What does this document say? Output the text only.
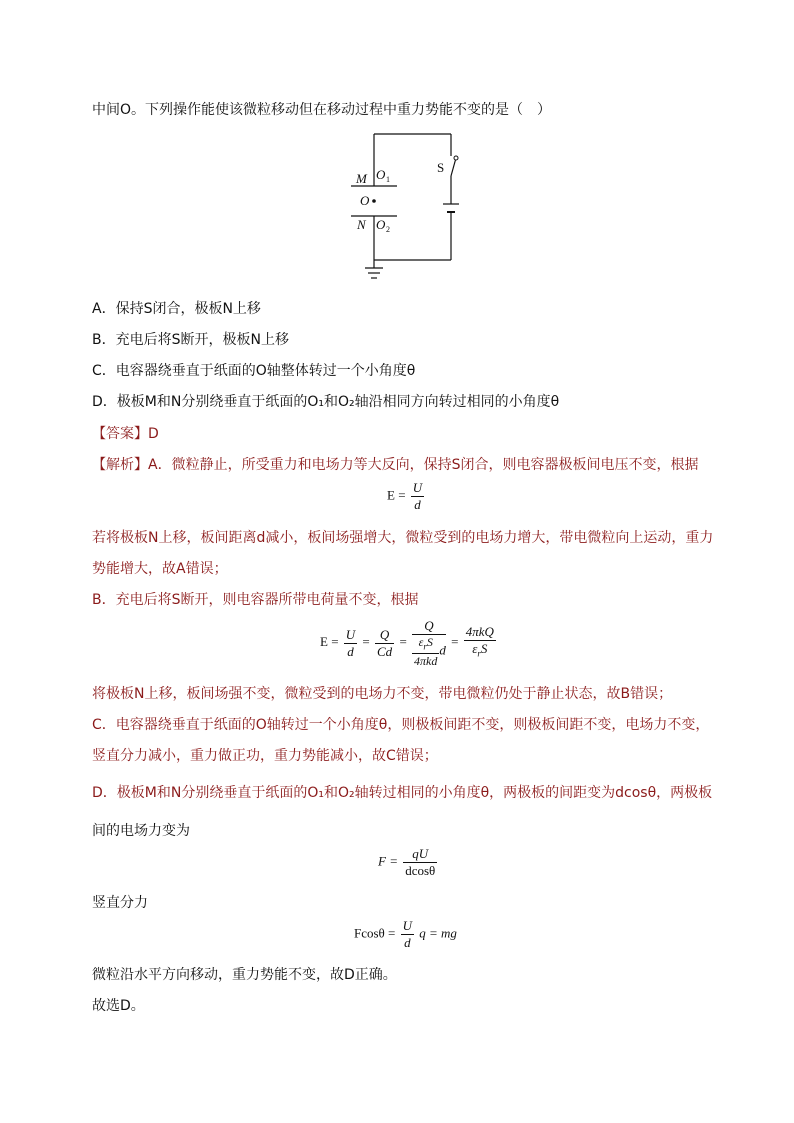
中间O。下列操作能使该微粒移动但在移动过程中重力势能不变的是（　）
M O 1
O
N O 2
S
A．保持S闭合，极板N上移
B．充电后将S断开，极板N上移
C．电容器绕垂直于纸面的O轴整体转过一个小角度θ
D．极板M和N分别绕垂直于纸面的O₁和O₂轴沿相同方向转过相同的小角度θ
【答案】D
【解析】A．微粒静止，所受重力和电场力等大反向，保持S闭合，则电容器极板间电压不变，根据
$E = \frac{U}{d}$
若将极板N上移，板间距离d减小，板间场强增大，微粒受到的电场力增大，带电微粒向上运动，重力
势能增大，故A错误；
B．充电后将S断开，则电容器所带电荷量不变，根据
$E = \frac{U}{d} = \frac{Q}{Cd} = \frac{Q}{\frac{\varepsilon_rS}{\text{4πkd}} d} = \frac{\text{4πkQ}}{\varepsilon_rS}$
将极板N上移，板间场强不变，微粒受到的电场力不变，带电微粒仍处于静止状态，故B错误；
C．电容器绕垂直于纸面的O轴转过一个小角度θ，则极板间距不变，则极板间距不变，电场力不变，
竖直分力减小，重力做正功，重力势能减小，故C错误；
D．极板M和N分别绕垂直于纸面的O₁和O₂轴转过相同的小角度θ，两极板的间距变为dcosθ，两极板
间的电场力变为
$F = \frac{qU}{dcos\theta}$
竖直分力
$Fcos\theta = \frac{U}{d}$ q = mg
微粒沿水平方向移动，重力势能不变，故D正确。
故选D。
